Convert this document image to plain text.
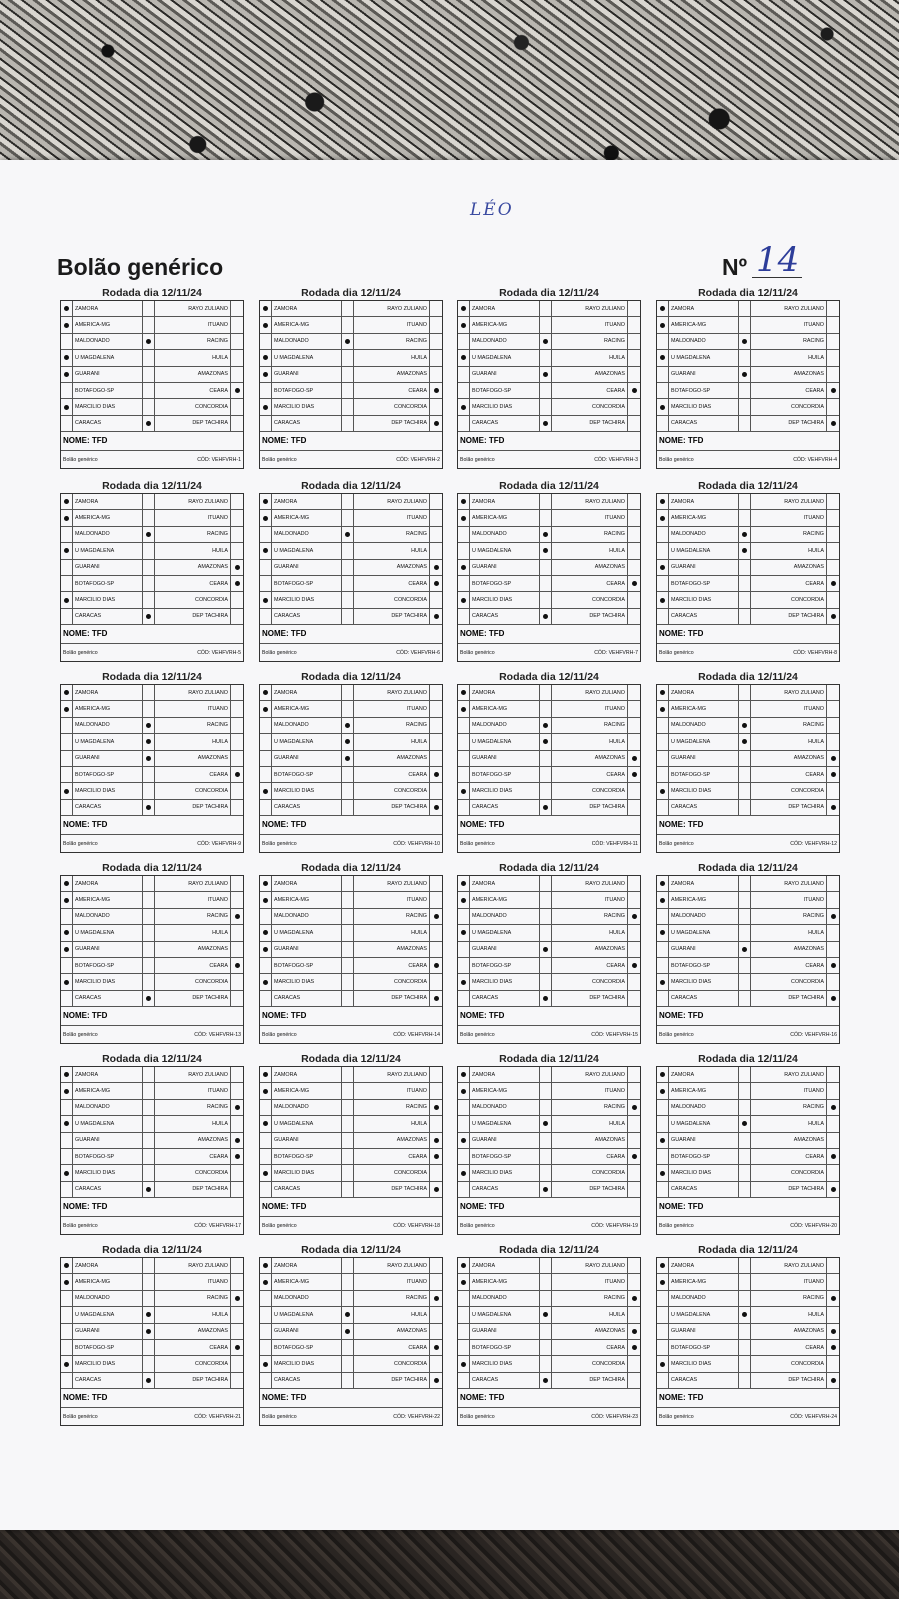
LÉO
Bolão genérico	Nº 14
Rodada dia 12/11/24
ZAMORA	RAYO ZULIANO
AMERICA-MG	ITUANO
MALDONADO	RACING
U MAGDALENA	HUILA
GUARANI	AMAZONAS
BOTAFOGO-SP	CEARA
MARCILIO DIAS	CONCORDIA
CARACAS	DEP TACHIRA
NOME: TFD
Bolão genérico	CÓD: VEHFVRH-1
Rodada dia 12/11/24
ZAMORA	RAYO ZULIANO
AMERICA-MG	ITUANO
MALDONADO	RACING
U MAGDALENA	HUILA
GUARANI	AMAZONAS
BOTAFOGO-SP	CEARA
MARCILIO DIAS	CONCORDIA
CARACAS	DEP TACHIRA
NOME: TFD
Bolão genérico	CÓD: VEHFVRH-2
Rodada dia 12/11/24
ZAMORA	RAYO ZULIANO
AMERICA-MG	ITUANO
MALDONADO	RACING
U MAGDALENA	HUILA
GUARANI	AMAZONAS
BOTAFOGO-SP	CEARA
MARCILIO DIAS	CONCORDIA
CARACAS	DEP TACHIRA
NOME: TFD
Bolão genérico	CÓD: VEHFVRH-3
Rodada dia 12/11/24
ZAMORA	RAYO ZULIANO
AMERICA-MG	ITUANO
MALDONADO	RACING
U MAGDALENA	HUILA
GUARANI	AMAZONAS
BOTAFOGO-SP	CEARA
MARCILIO DIAS	CONCORDIA
CARACAS	DEP TACHIRA
NOME: TFD
Bolão genérico	CÓD: VEHFVRH-4
Rodada dia 12/11/24
ZAMORA	RAYO ZULIANO
AMERICA-MG	ITUANO
MALDONADO	RACING
U MAGDALENA	HUILA
GUARANI	AMAZONAS
BOTAFOGO-SP	CEARA
MARCILIO DIAS	CONCORDIA
CARACAS	DEP TACHIRA
NOME: TFD
Bolão genérico	CÓD: VEHFVRH-5
Rodada dia 12/11/24
ZAMORA	RAYO ZULIANO
AMERICA-MG	ITUANO
MALDONADO	RACING
U MAGDALENA	HUILA
GUARANI	AMAZONAS
BOTAFOGO-SP	CEARA
MARCILIO DIAS	CONCORDIA
CARACAS	DEP TACHIRA
NOME: TFD
Bolão genérico	CÓD: VEHFVRH-6
Rodada dia 12/11/24
ZAMORA	RAYO ZULIANO
AMERICA-MG	ITUANO
MALDONADO	RACING
U MAGDALENA	HUILA
GUARANI	AMAZONAS
BOTAFOGO-SP	CEARA
MARCILIO DIAS	CONCORDIA
CARACAS	DEP TACHIRA
NOME: TFD
Bolão genérico	CÓD: VEHFVRH-7
Rodada dia 12/11/24
ZAMORA	RAYO ZULIANO
AMERICA-MG	ITUANO
MALDONADO	RACING
U MAGDALENA	HUILA
GUARANI	AMAZONAS
BOTAFOGO-SP	CEARA
MARCILIO DIAS	CONCORDIA
CARACAS	DEP TACHIRA
NOME: TFD
Bolão genérico	CÓD: VEHFVRH-8
Rodada dia 12/11/24
ZAMORA	RAYO ZULIANO
AMERICA-MG	ITUANO
MALDONADO	RACING
U MAGDALENA	HUILA
GUARANI	AMAZONAS
BOTAFOGO-SP	CEARA
MARCILIO DIAS	CONCORDIA
CARACAS	DEP TACHIRA
NOME: TFD
Bolão genérico	CÓD: VEHFVRH-9
Rodada dia 12/11/24
ZAMORA	RAYO ZULIANO
AMERICA-MG	ITUANO
MALDONADO	RACING
U MAGDALENA	HUILA
GUARANI	AMAZONAS
BOTAFOGO-SP	CEARA
MARCILIO DIAS	CONCORDIA
CARACAS	DEP TACHIRA
NOME: TFD
Bolão genérico	CÓD: VEHFVRH-10
Rodada dia 12/11/24
ZAMORA	RAYO ZULIANO
AMERICA-MG	ITUANO
MALDONADO	RACING
U MAGDALENA	HUILA
GUARANI	AMAZONAS
BOTAFOGO-SP	CEARA
MARCILIO DIAS	CONCORDIA
CARACAS	DEP TACHIRA
NOME: TFD
Bolão genérico	CÓD: VEHFVRH-11
Rodada dia 12/11/24
ZAMORA	RAYO ZULIANO
AMERICA-MG	ITUANO
MALDONADO	RACING
U MAGDALENA	HUILA
GUARANI	AMAZONAS
BOTAFOGO-SP	CEARA
MARCILIO DIAS	CONCORDIA
CARACAS	DEP TACHIRA
NOME: TFD
Bolão genérico	CÓD: VEHFVRH-12
Rodada dia 12/11/24
ZAMORA	RAYO ZULIANO
AMERICA-MG	ITUANO
MALDONADO	RACING
U MAGDALENA	HUILA
GUARANI	AMAZONAS
BOTAFOGO-SP	CEARA
MARCILIO DIAS	CONCORDIA
CARACAS	DEP TACHIRA
NOME: TFD
Bolão genérico	CÓD: VEHFVRH-13
Rodada dia 12/11/24
ZAMORA	RAYO ZULIANO
AMERICA-MG	ITUANO
MALDONADO	RACING
U MAGDALENA	HUILA
GUARANI	AMAZONAS
BOTAFOGO-SP	CEARA
MARCILIO DIAS	CONCORDIA
CARACAS	DEP TACHIRA
NOME: TFD
Bolão genérico	CÓD: VEHFVRH-14
Rodada dia 12/11/24
ZAMORA	RAYO ZULIANO
AMERICA-MG	ITUANO
MALDONADO	RACING
U MAGDALENA	HUILA
GUARANI	AMAZONAS
BOTAFOGO-SP	CEARA
MARCILIO DIAS	CONCORDIA
CARACAS	DEP TACHIRA
NOME: TFD
Bolão genérico	CÓD: VEHFVRH-15
Rodada dia 12/11/24
ZAMORA	RAYO ZULIANO
AMERICA-MG	ITUANO
MALDONADO	RACING
U MAGDALENA	HUILA
GUARANI	AMAZONAS
BOTAFOGO-SP	CEARA
MARCILIO DIAS	CONCORDIA
CARACAS	DEP TACHIRA
NOME: TFD
Bolão genérico	CÓD: VEHFVRH-16
Rodada dia 12/11/24
ZAMORA	RAYO ZULIANO
AMERICA-MG	ITUANO
MALDONADO	RACING
U MAGDALENA	HUILA
GUARANI	AMAZONAS
BOTAFOGO-SP	CEARA
MARCILIO DIAS	CONCORDIA
CARACAS	DEP TACHIRA
NOME: TFD
Bolão genérico	CÓD: VEHFVRH-17
Rodada dia 12/11/24
ZAMORA	RAYO ZULIANO
AMERICA-MG	ITUANO
MALDONADO	RACING
U MAGDALENA	HUILA
GUARANI	AMAZONAS
BOTAFOGO-SP	CEARA
MARCILIO DIAS	CONCORDIA
CARACAS	DEP TACHIRA
NOME: TFD
Bolão genérico	CÓD: VEHFVRH-18
Rodada dia 12/11/24
ZAMORA	RAYO ZULIANO
AMERICA-MG	ITUANO
MALDONADO	RACING
U MAGDALENA	HUILA
GUARANI	AMAZONAS
BOTAFOGO-SP	CEARA
MARCILIO DIAS	CONCORDIA
CARACAS	DEP TACHIRA
NOME: TFD
Bolão genérico	CÓD: VEHFVRH-19
Rodada dia 12/11/24
ZAMORA	RAYO ZULIANO
AMERICA-MG	ITUANO
MALDONADO	RACING
U MAGDALENA	HUILA
GUARANI	AMAZONAS
BOTAFOGO-SP	CEARA
MARCILIO DIAS	CONCORDIA
CARACAS	DEP TACHIRA
NOME: TFD
Bolão genérico	CÓD: VEHFVRH-20
Rodada dia 12/11/24
ZAMORA	RAYO ZULIANO
AMERICA-MG	ITUANO
MALDONADO	RACING
U MAGDALENA	HUILA
GUARANI	AMAZONAS
BOTAFOGO-SP	CEARA
MARCILIO DIAS	CONCORDIA
CARACAS	DEP TACHIRA
NOME: TFD
Bolão genérico	CÓD: VEHFVRH-21
Rodada dia 12/11/24
ZAMORA	RAYO ZULIANO
AMERICA-MG	ITUANO
MALDONADO	RACING
U MAGDALENA	HUILA
GUARANI	AMAZONAS
BOTAFOGO-SP	CEARA
MARCILIO DIAS	CONCORDIA
CARACAS	DEP TACHIRA
NOME: TFD
Bolão genérico	CÓD: VEHFVRH-22
Rodada dia 12/11/24
ZAMORA	RAYO ZULIANO
AMERICA-MG	ITUANO
MALDONADO	RACING
U MAGDALENA	HUILA
GUARANI	AMAZONAS
BOTAFOGO-SP	CEARA
MARCILIO DIAS	CONCORDIA
CARACAS	DEP TACHIRA
NOME: TFD
Bolão genérico	CÓD: VEHFVRH-23
Rodada dia 12/11/24
ZAMORA	RAYO ZULIANO
AMERICA-MG	ITUANO
MALDONADO	RACING
U MAGDALENA	HUILA
GUARANI	AMAZONAS
BOTAFOGO-SP	CEARA
MARCILIO DIAS	CONCORDIA
CARACAS	DEP TACHIRA
NOME: TFD
Bolão genérico	CÓD: VEHFVRH-24
